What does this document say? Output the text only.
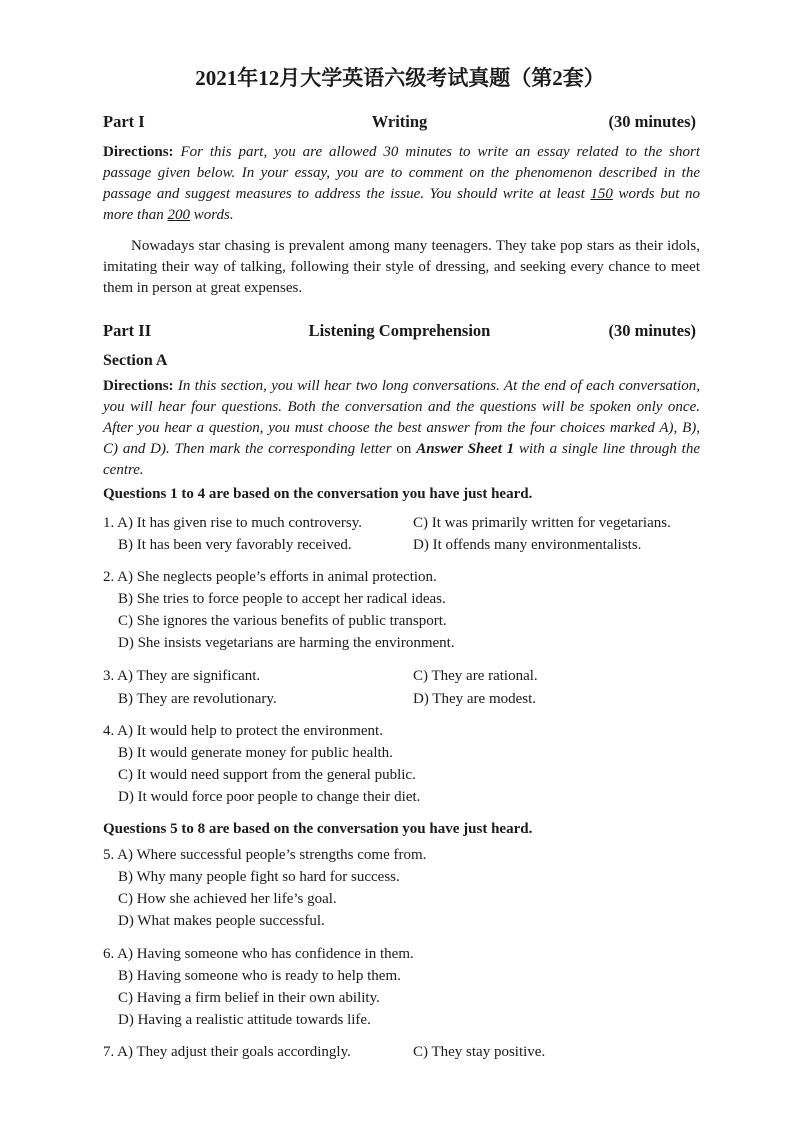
2021年12月大学英语六级考试真题（第2套）
Part I	Writing	(30 minutes)
Directions: For this part, you are allowed 30 minutes to write an essay related to the short passage given below. In your essay, you are to comment on the phenomenon described in the passage and suggest measures to address the issue. You should write at least 150 words but no more than 200 words.
Nowadays star chasing is prevalent among many teenagers. They take pop stars as their idols, imitating their way of talking, following their style of dressing, and seeking every chance to meet them in person at great expenses.
Part II	Listening Comprehension	(30 minutes)
Section A
Directions: In this section, you will hear two long conversations. At the end of each conversation, you will hear four questions. Both the conversation and the questions will be spoken only once. After you hear a question, you must choose the best answer from the four choices marked A), B), C) and D). Then mark the corresponding letter on Answer Sheet 1 with a single line through the centre.
Questions 1 to 4 are based on the conversation you have just heard.
1. A) It has given rise to much controversy.	C) It was primarily written for vegetarians.
B) It has been very favorably received.	D) It offends many environmentalists.
2. A) She neglects people’s efforts in animal protection.
B) She tries to force people to accept her radical ideas.
C) She ignores the various benefits of public transport.
D) She insists vegetarians are harming the environment.
3. A) They are significant.	C) They are rational.
B) They are revolutionary.	D) They are modest.
4. A) It would help to protect the environment.
B) It would generate money for public health.
C) It would need support from the general public.
D) It would force poor people to change their diet.
Questions 5 to 8 are based on the conversation you have just heard.
5. A) Where successful people’s strengths come from.
B) Why many people fight so hard for success.
C) How she achieved her life’s goal.
D) What makes people successful.
6. A) Having someone who has confidence in them.
B) Having someone who is ready to help them.
C) Having a firm belief in their own ability.
D) Having a realistic attitude towards life.
7. A) They adjust their goals accordingly.	C) They stay positive.
